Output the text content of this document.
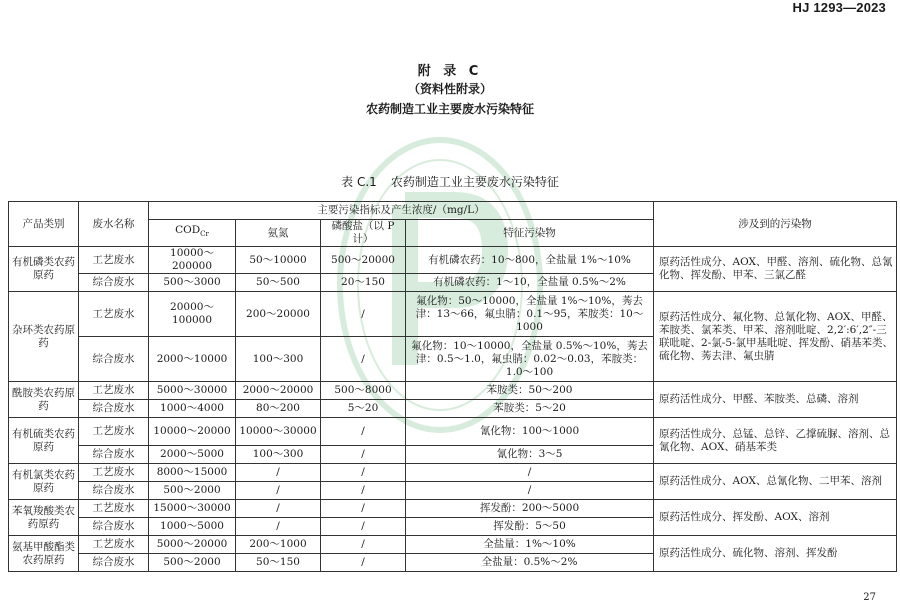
HJ 1293—2023
附 录 C
（资料性附录）
农药制造工业主要废水污染特征
表 C.1 农药制造工业主要废水污染特征
产品类别	废水名称	主要污染指标及产生浓度/（mg/L）				涉及到的污染物
		$COD_{Cr}$	氨氮	磷酸盐（以 P 计）	特征污染物	
有机磷类农药原药	工艺废水	10000～200000	50～10000	500～20000	有机磷农药：10～800，全盐量 1%～10%	原药活性成分、AOX、甲醛、溶剂、硫化物、总氰化物、挥发酚、甲苯、三氯乙醛
	综合废水	500～3000	50～500	20～150	有机磷农药：1～10，全盐量 0.5%～2%	
杂环类农药原药	工艺废水	20000～100000	200～20000	/	氟化物：50～10000，全盐量 1%～10%，莠去津：13～66，氟虫腈：0.1～95，苯胺类：10～1000	原药活性成分、氟化物、总氰化物、AOX、甲醛、苯胺类、氯苯类、甲苯、溶剂吡啶、2,2′:6′,2″-三联吡啶、2-氯-5-氯甲基吡啶、挥发酚、硝基苯类、硫化物、莠去津、氟虫腈
	综合废水	2000～10000	100～300	/	氟化物：10～10000，全盐量 0.5%～10%，莠去津：0.5～1.0，氟虫腈：0.02～0.03，苯胺类：1.0～100	
酰胺类农药原药	工艺废水	5000～30000	2000～20000	500～8000	苯胺类：50～200	原药活性成分、甲醛、苯胺类、总磷、溶剂
	综合废水	1000～4000	80～200	5～20	苯胺类：5～20	
有机硫类农药原药	工艺废水	10000～20000	10000～30000	/	氰化物：100～1000	原药活性成分、总锰、总锌、乙撑硫脲、溶剂、总氰化物、AOX、硝基苯类
	综合废水	2000～5000	100～300	/	氰化物：3～5	
有机氯类农药原药	工艺废水	8000～15000	/	/	/	原药活性成分、AOX、总氰化物、二甲苯、溶剂
	综合废水	500～2000	/	/	/	
苯氧羧酸类农药原药	工艺废水	15000～30000	/	/	挥发酚：200～5000	原药活性成分、挥发酚、AOX、溶剂
	综合废水	1000～5000	/	/	挥发酚：5～50	
氨基甲酸酯类农药原药	工艺废水	5000～20000	200～1000	/	全盐量：1%～10%	原药活性成分、硫化物、溶剂、挥发酚
	综合废水	500～2000	50～150	/	全盐量：0.5%～2%	
27
